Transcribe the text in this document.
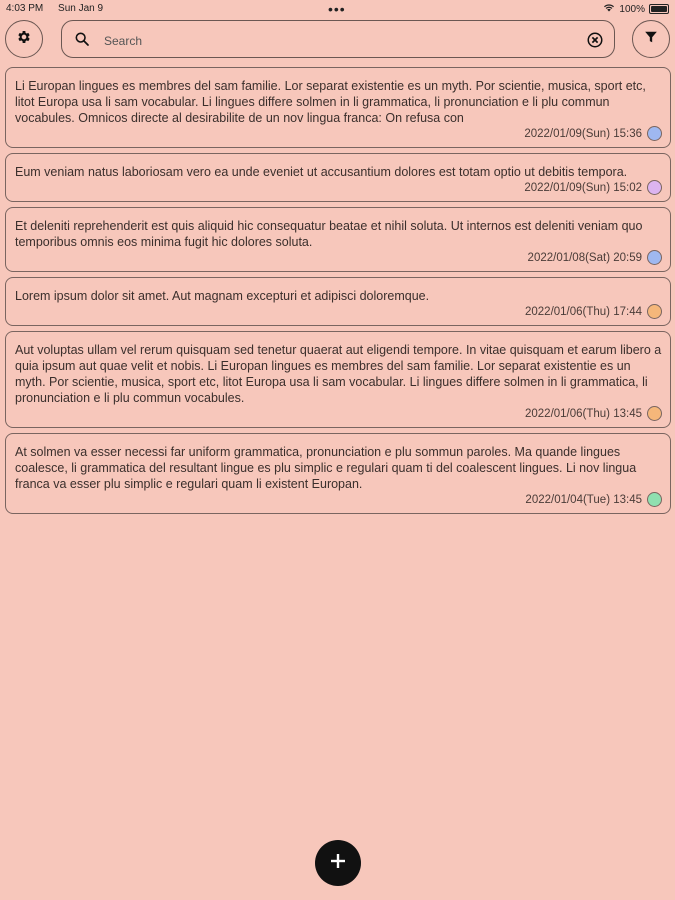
4:03 PM Sun Jan 9	•••	100%
Search
Li Europan lingues es membres del sam familie. Lor separat existentie es un myth. Por scientie, musica, sport etc, litot Europa usa li sam vocabular. Li lingues differe solmen in li grammatica, li pronunciation e li plu commun vocabules. Omnicos directe al desirabilite de un nov lingua franca: On refusa con
2022/01/09(Sun) 15:36
Eum veniam natus laboriosam vero ea unde eveniet ut accusantium dolores est totam optio ut debitis tempora.
2022/01/09(Sun) 15:02
Et deleniti reprehenderit est quis aliquid hic consequatur beatae et nihil soluta. Ut internos est deleniti veniam quo temporibus omnis eos minima fugit hic dolores soluta.
2022/01/08(Sat) 20:59
Lorem ipsum dolor sit amet. Aut magnam excepturi et adipisci doloremque.
2022/01/06(Thu) 17:44
Aut voluptas ullam vel rerum quisquam sed tenetur quaerat aut eligendi tempore. In vitae quisquam et earum libero a quia ipsum aut quae velit et nobis. Li Europan lingues es membres del sam familie. Lor separat existentie es un myth. Por scientie, musica, sport etc, litot Europa usa li sam vocabular. Li lingues differe solmen in li grammatica, li pronunciation e li plu commun vocabules.
2022/01/06(Thu) 13:45
At solmen va esser necessi far uniform grammatica, pronunciation e plu sommun paroles. Ma quande lingues coalesce, li grammatica del resultant lingue es plu simplic e regulari quam ti del coalescent lingues. Li nov lingua franca va esser plu simplic e regulari quam li existent Europan.
2022/01/04(Tue) 13:45
